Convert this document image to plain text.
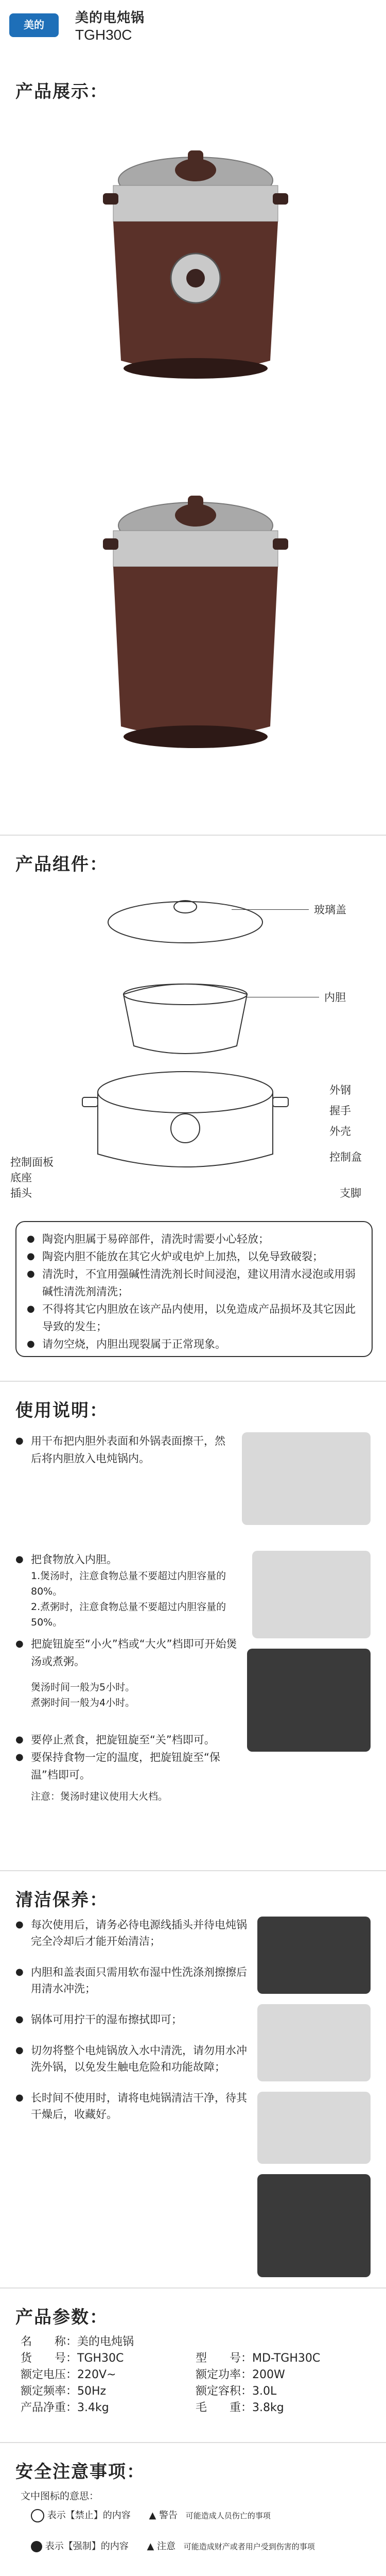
美的 Midea
美的电炖锅
TGH30C
产品展示：
产品组件：
玻璃盖
内胆
外钢
握手
外壳
控制面板	控制盒
底座
插头	支脚
● 陶瓷内胆属于易碎部件，清洗时需要小心轻放；
● 陶瓷内胆不能放在其它火炉或电炉上加热，以免导致破裂；
● 清洗时，不宜用强碱性清洗剂长时间浸泡，建议用清水浸泡或用弱碱性清洗剂清洗；
● 不得将其它内胆放在该产品内使用，以免造成产品损坏及其它因此导致的发生；
● 请勿空烧，内胆出现裂属于正常现象。
使用说明：
● 用干布把内胆外表面和外锅表面擦干，然后将内胆放入电炖锅内。
● 把食物放入内胆。
1.煲汤时，注意食物总量不要超过内胆容量的80%。
2.煮粥时，注意食物总量不要超过内胆容量的50%。
● 把旋钮旋至“小火”档或“大火”档即可开始煲汤或煮粥。
煲汤时间一般为5小时。
煮粥时间一般为4小时。
● 要停止煮食，把旋钮旋至“关”档即可。
● 要保持食物一定的温度，把旋钮旋至“保温”档即可。
注意：煲汤时建议使用大火档。
清洁保养：
● 每次使用后，请务必待电源线插头并待电炖锅完全冷却后才能开始清洁；
● 内胆和盖表面只需用软布湿中性洗涤剂擦擦后用清水冲洗；
● 锅体可用拧干的湿布擦拭即可；
● 切勿将整个电炖锅放入水中清洗，请勿用水冲洗外锅，以免发生触电危险和功能故障；
● 长时间不使用时，请将电炖锅清洁干净，待其干燥后，收藏好。
产品参数：
名　　称：美的电炖锅
货　　号：TGH30C	型　　号：MD-TGH30C
额定电压：220V~	额定功率：200W
额定频率：50Hz	额定容积：3.0L
产品净重：3.4kg	毛　　重：3.8kg
安全注意事项：
文中图标的意思：
表示【禁止】的内容 ▲ 警告 可能造成人员伤亡的事项
表示【强制】的内容 ▲ 注意 可能造成财产或者用户受到伤害的事项
